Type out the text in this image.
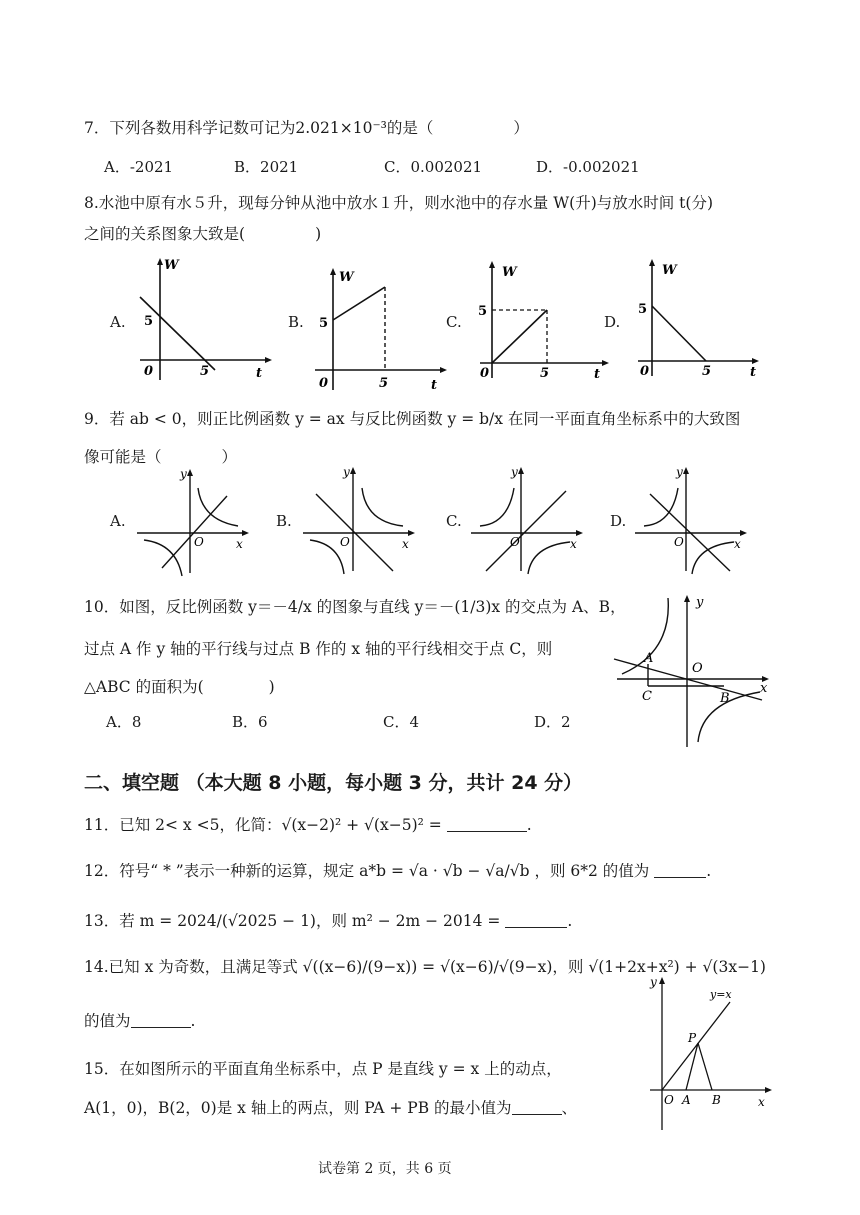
7．下列各数用科学记数可记为2.021×10⁻³的是（	）
A．-2021	B．2021	C．0.002021	D．-0.002021
8.水池中原有水５升，现每分钟从池中放水１升，则水池中的存水量 W(升)与放水时间 t(分)
之间的关系图象大致是(	)
A.
W
5
0	5	t
B.
W
5
0	5	t
C.
W
5
0	5	t
D.
W
5
0	5	t
9．若 ab < 0，则正比例函数 y = ax 与反比例函数 y = b/x 在同一平面直角坐标系中的大致图
像可能是（	）
A.
y
O	x
B.
y
O	x
C.
y
O	x
D.
y
O	x
10．如图，反比例函数 y＝－4/x 的图象与直线 y＝－(1/3)x 的交点为 A、B，
过点 A 作 y 轴的平行线与过点 B 作的 x 轴的平行线相交于点 C，则
△ABC 的面积为(	)
A．8	B．6	C．4	D．2
A
C	B
O
x
y
二、填空题 （本大题 8 小题，每小题 3 分，共计 24 分）
11．已知 2< x <5，化简：√(x−2)² + √(x−5)² =	.
12．符号“ * ”表示一种新的运算，规定 a*b = √a · √b − √a/√b ，则 6*2 的值为	.
13．若 m = 2024/(√2025 − 1)，则 m² − 2m − 2014 =	.
14.已知 x 为奇数，且满足等式 √((x−6)/(9−x)) = √(x−6)/√(9−x)，则 √(1+2x+x²) + √(3x−1)
的值为	.
15．在如图所示的平面直角坐标系中，点 P 是直线 y = x 上的动点，
A(1，0)，B(2，0)是 x 轴上的两点，则 PA + PB 的最小值为	、
y=x
P
A B
O	x
y
试卷第 2 页，共 6 页
